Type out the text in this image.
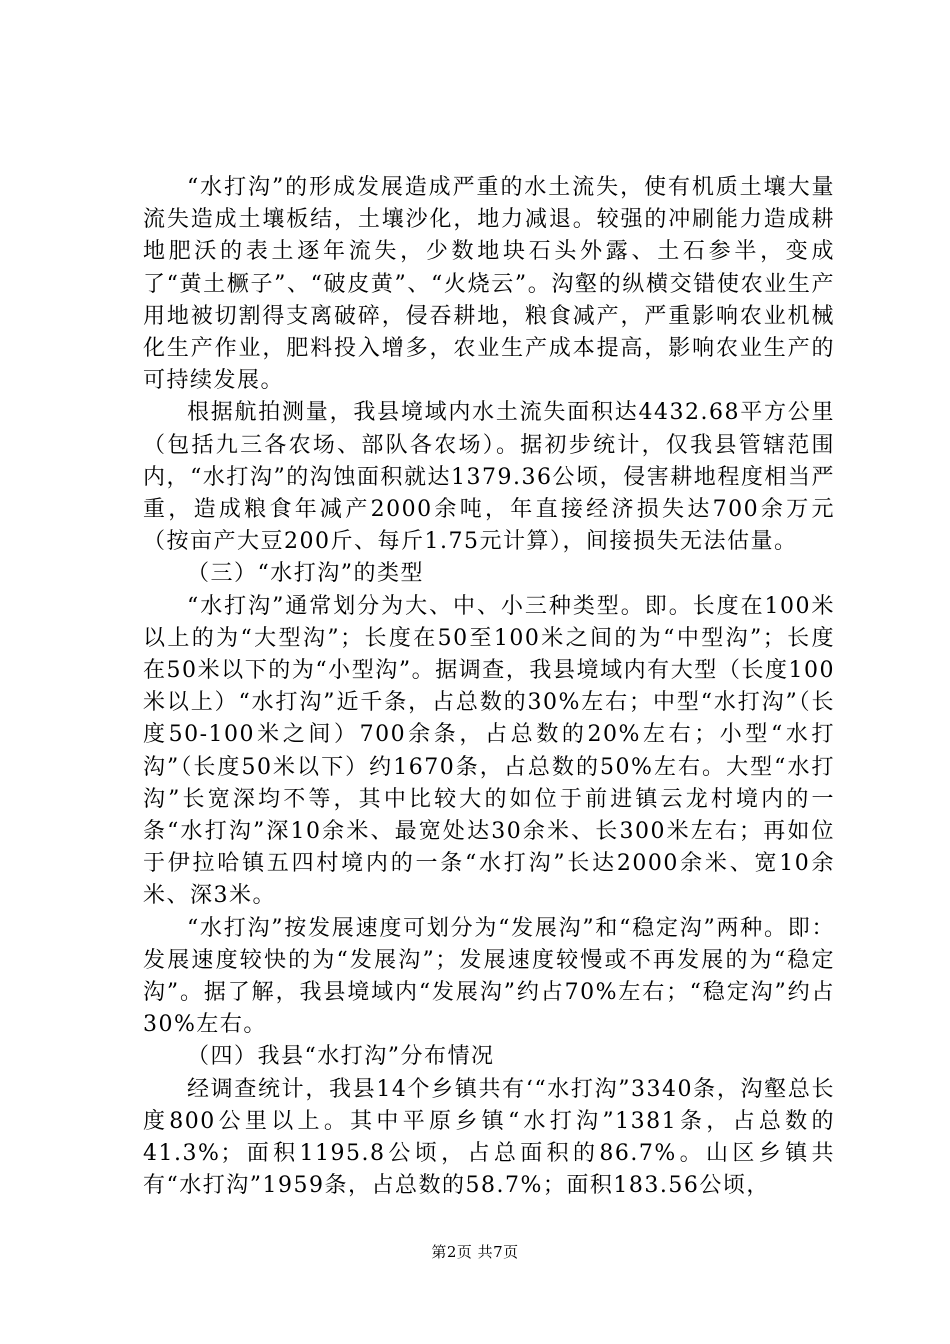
“水打沟”的形成发展造成严重的水土流失，使有机质土壤大量流失造成土壤板结，土壤沙化，地力减退。较强的冲刷能力造成耕地肥沃的表土逐年流失，少数地块石头外露、土石参半，变成了“黄土橛子”、“破皮黄”、“火烧云”。沟壑的纵横交错使农业生产用地被切割得支离破碎，侵吞耕地，粮食减产，严重影响农业机械化生产作业，肥料投入增多，农业生产成本提高，影响农业生产的可持续发展。

根据航拍测量，我县境域内水土流失面积达4432.68平方公里（包括九三各农场、部队各农场）。据初步统计，仅我县管辖范围内，“水打沟”的沟蚀面积就达1379.36公顷，侵害耕地程度相当严重，造成粮食年减产2000余吨，年直接经济损失达700余万元（按亩产大豆200斤、每斤1.75元计算），间接损失无法估量。

（三）“水打沟”的类型

“水打沟”通常划分为大、中、小三种类型。即。长度在100米以上的为“大型沟”；长度在50至100米之间的为“中型沟”；长度在50米以下的为“小型沟”。据调查，我县境域内有大型（长度100米以上）“水打沟”近千条，占总数的30%左右；中型“水打沟”（长度50-100米之间）700余条，占总数的20%左右；小型“水打沟”（长度50米以下）约1670条，占总数的50%左右。大型“水打沟”长宽深均不等，其中比较大的如位于前进镇云龙村境内的一条“水打沟”深10余米、最宽处达30余米、长300米左右；再如位于伊拉哈镇五四村境内的一条“水打沟”长达2000余米、宽10余米、深3米。

“水打沟”按发展速度可划分为“发展沟”和“稳定沟”两种。即：发展速度较快的为“发展沟”；发展速度较慢或不再发展的为“稳定沟”。据了解，我县境域内“发展沟”约占70%左右；“稳定沟”约占30%左右。

（四）我县“水打沟”分布情况

经调查统计，我县14个乡镇共有‘“水打沟”3340条，沟壑总长度800公里以上。其中平原乡镇“水打沟”1381条，占总数的41.3%；面积1195.8公顷，占总面积的86.7%。山区乡镇共有“水打沟”1959条，占总数的58.7%；面积183.56公顷，

第2页 共7页
